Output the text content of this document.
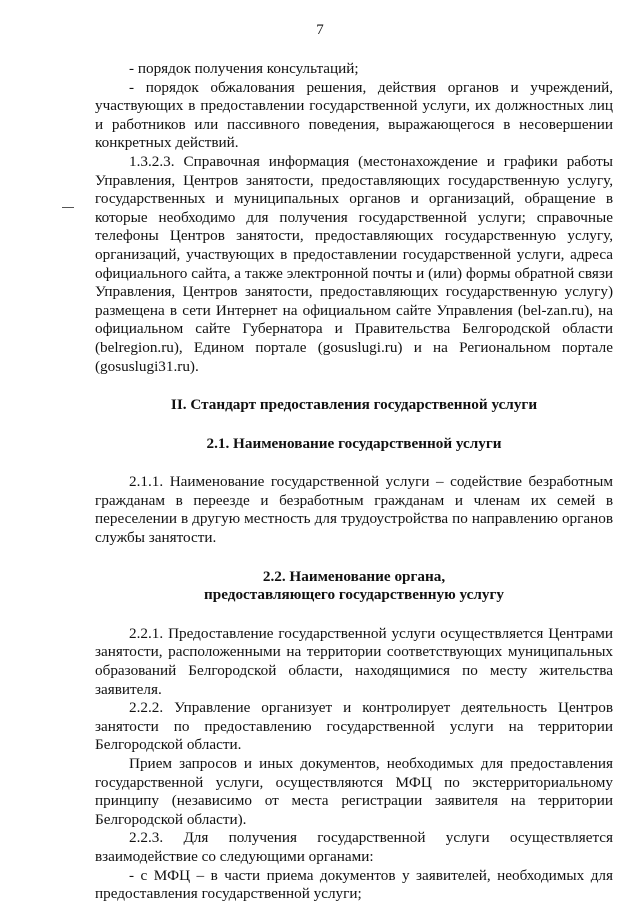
7

- порядок получения консультаций;

- порядок обжалования решения, действия органов и учреждений, участвующих в предоставлении государственной услуги, их должностных лиц и работников или пассивного поведения, выражающегося в несовершении конкретных действий.

1.3.2.3. Справочная информация (местонахождение и графики работы Управления, Центров занятости, предоставляющих государственную услугу, государственных и муниципальных органов и организаций, обращение в которые необходимо для получения государственной услуги; справочные телефоны Центров занятости, предоставляющих государственную услугу, организаций, участвующих в предоставлении государственной услуги, адреса официального сайта, а также электронной почты и (или) формы обратной связи Управления, Центров занятости, предоставляющих государственную услугу) размещена в сети Интернет на официальном сайте Управления (bel-zan.ru), на официальном сайте Губернатора и Правительства Белгородской области (belregion.ru), Едином портале (gosuslugi.ru) и на Региональном портале (gosuslugi31.ru).

II. Стандарт предоставления государственной услуги
2.1. Наименование государственной услуги

2.1.1. Наименование государственной услуги – содействие безработным гражданам в переезде и безработным гражданам и членам их семей в переселении в другую местность для трудоустройства по направлению органов службы занятости.

2.2. Наименование органа,
предоставляющего государственную услугу

2.2.1. Предоставление государственной услуги осуществляется Центрами занятости, расположенными на территории соответствующих муниципальных образований Белгородской области, находящимися по месту жительства заявителя.

2.2.2. Управление организует и контролирует деятельность Центров занятости по предоставлению государственной услуги на территории Белгородской области.

Прием запросов и иных документов, необходимых для предоставления государственной услуги, осуществляются МФЦ по экстерриториальному принципу (независимо от места регистрации заявителя на территории Белгородской области).

2.2.3. Для получения государственной услуги осуществляется взаимодействие со следующими органами:

- с МФЦ – в части приема документов у заявителей, необходимых для предоставления государственной услуги;
